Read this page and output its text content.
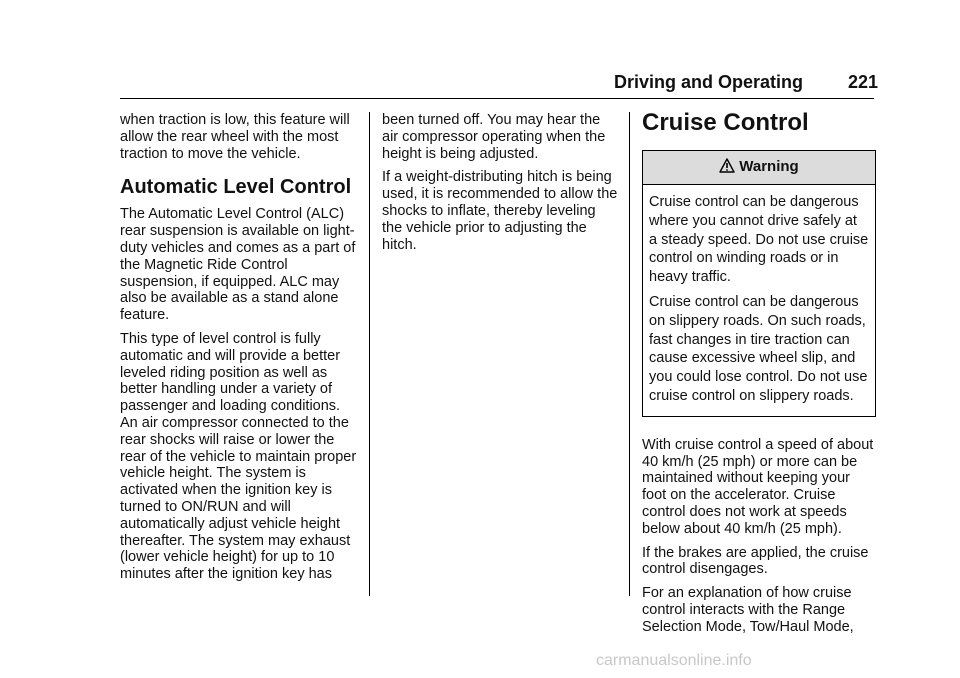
Driving and Operating 221

when traction is low, this feature will allow the rear wheel with the most traction to move the vehicle.

Automatic Level Control

The Automatic Level Control (ALC) rear suspension is available on light-duty vehicles and comes as a part of the Magnetic Ride Control suspension, if equipped. ALC may also be available as a stand alone feature.

This type of level control is fully automatic and will provide a better leveled riding position as well as better handling under a variety of passenger and loading conditions. An air compressor connected to the rear shocks will raise or lower the rear of the vehicle to maintain proper vehicle height. The system is activated when the ignition key is turned to ON/RUN and will automatically adjust vehicle height thereafter. The system may exhaust (lower vehicle height) for up to 10 minutes after the ignition key has

been turned off. You may hear the air compressor operating when the height is being adjusted.

If a weight-distributing hitch is being used, it is recommended to allow the shocks to inflate, thereby leveling the vehicle prior to adjusting the hitch.

Cruise Control
Warning

Cruise control can be dangerous where you cannot drive safely at a steady speed. Do not use cruise control on winding roads or in heavy traffic.

Cruise control can be dangerous on slippery roads. On such roads, fast changes in tire traction can cause excessive wheel slip, and you could lose control. Do not use cruise control on slippery roads.

With cruise control a speed of about 40 km/h (25 mph) or more can be maintained without keeping your foot on the accelerator. Cruise control does not work at speeds below about 40 km/h (25 mph).

If the brakes are applied, the cruise control disengages.

For an explanation of how cruise control interacts with the Range Selection Mode, Tow/Haul Mode,

carmanualsonline.info
